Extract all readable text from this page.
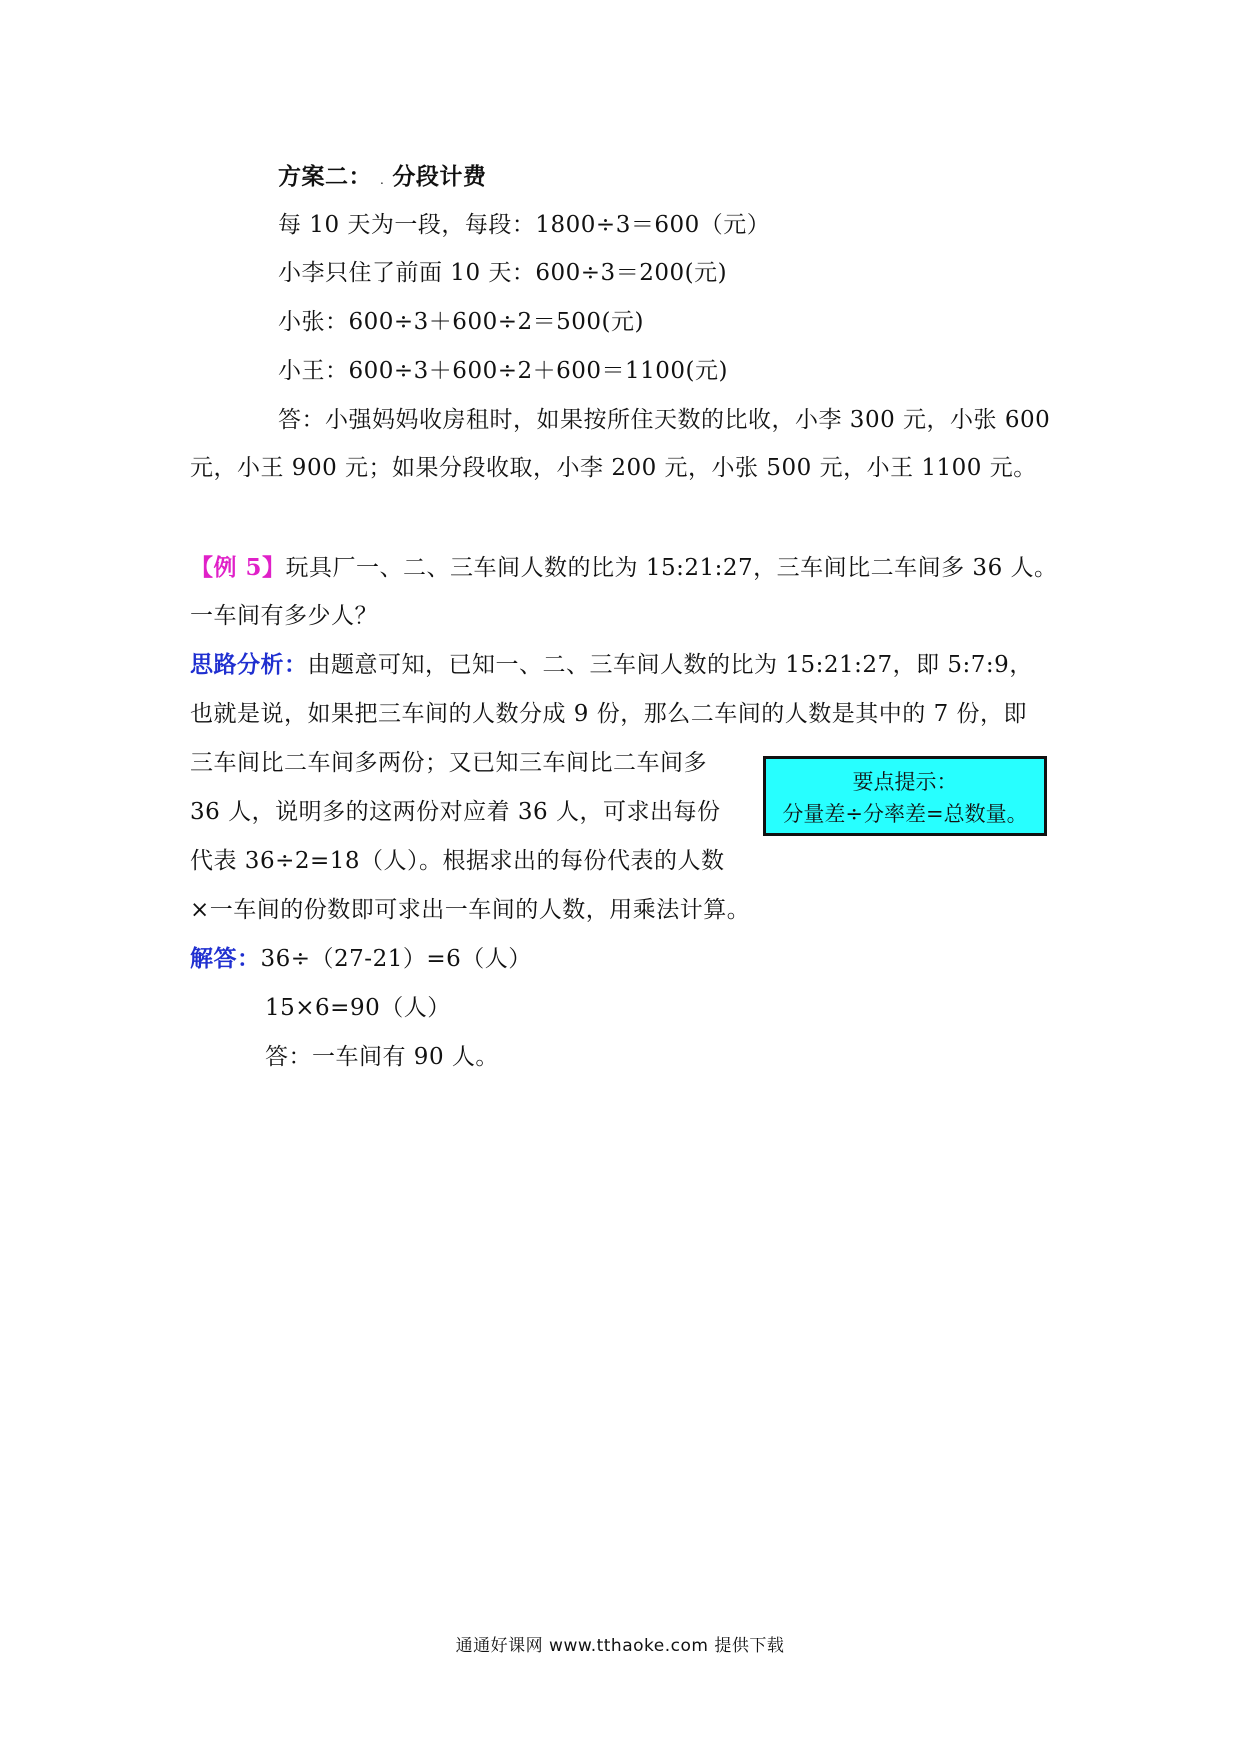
方案二： . 分段计费
每 10 天为一段，每段：1800÷3＝600（元）
小李只住了前面 10 天：600÷3＝200(元)
小张：600÷3＋600÷2＝500(元)
小王：600÷3＋600÷2＋600＝1100(元)
答：小强妈妈收房租时，如果按所住天数的比收，小李 300 元，小张 600
元，小王 900 元；如果分段收取，小李 200 元，小张 500 元，小王 1100 元。
【例 5】玩具厂一、二、三车间人数的比为 15:21:27，三车间比二车间多 36 人。
一车间有多少人？
思路分析：由题意可知，已知一、二、三车间人数的比为 15:21:27，即 5:7:9，
也就是说，如果把三车间的人数分成 9 份，那么二车间的人数是其中的 7 份，即
三车间比二车间多两份；又已知三车间比二车间多
36 人，说明多的这两份对应着 36 人，可求出每份
代表 36÷2=18（人）。根据求出的每份代表的人数
×一车间的份数即可求出一车间的人数，用乘法计算。
要点提示：
分量差÷分率差=总数量。
解答：36÷（27-21）=6（人）
15×6=90（人）
答：一车间有 90 人。
通通好课网 www.tthaoke.com 提供下载
